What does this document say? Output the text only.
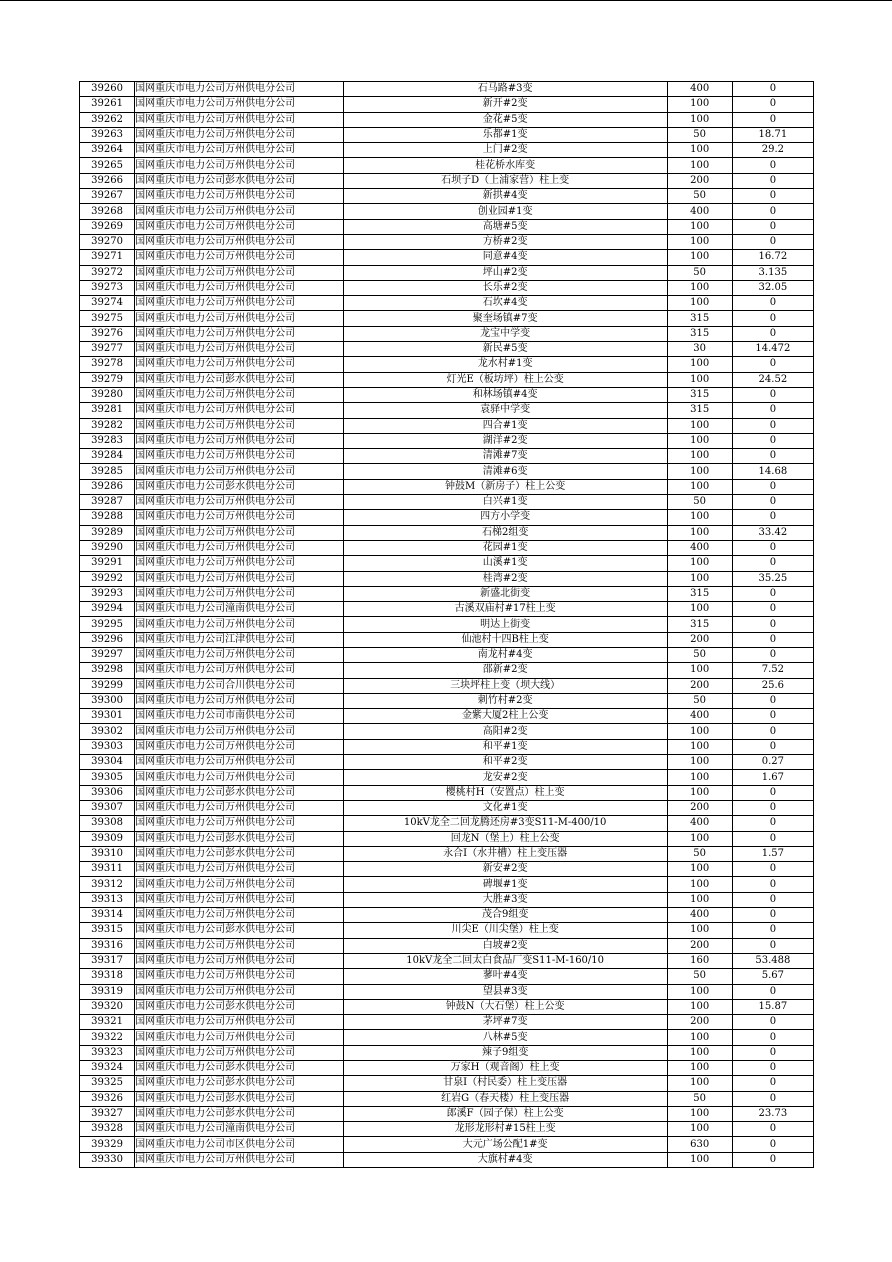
39260	国网重庆市电力公司万州供电分公司	石马路#3变	400	0
39261	国网重庆市电力公司万州供电分公司	新开#2变	100	0
39262	国网重庆市电力公司万州供电分公司	金花#5变	100	0
39263	国网重庆市电力公司万州供电分公司	乐都#1变	50	18.71
39264	国网重庆市电力公司万州供电分公司	上门#2变	100	29.2
39265	国网重庆市电力公司万州供电分公司	桂花桥水库变	100	0
39266	国网重庆市电力公司彭水供电分公司	石坝子D（上浦家营）柱上变	200	0
39267	国网重庆市电力公司万州供电分公司	新拱#4变	50	0
39268	国网重庆市电力公司万州供电分公司	创业园#1变	400	0
39269	国网重庆市电力公司万州供电分公司	高塘#5变	100	0
39270	国网重庆市电力公司万州供电分公司	方桥#2变	100	0
39271	国网重庆市电力公司万州供电分公司	同意#4变	100	16.72
39272	国网重庆市电力公司万州供电分公司	坪山#2变	50	3.135
39273	国网重庆市电力公司万州供电分公司	长乐#2变	100	32.05
39274	国网重庆市电力公司万州供电分公司	石坎#4变	100	0
39275	国网重庆市电力公司万州供电分公司	聚奎场镇#7变	315	0
39276	国网重庆市电力公司万州供电分公司	龙宝中学变	315	0
39277	国网重庆市电力公司万州供电分公司	新民#5变	30	14.472
39278	国网重庆市电力公司万州供电分公司	龙水村#1变	100	0
39279	国网重庆市电力公司彭水供电分公司	灯光E（板坊坪）柱上公变	100	24.52
39280	国网重庆市电力公司万州供电分公司	和林场镇#4变	315	0
39281	国网重庆市电力公司万州供电分公司	袁驿中学变	315	0
39282	国网重庆市电力公司万州供电分公司	四合#1变	100	0
39283	国网重庆市电力公司万州供电分公司	湖洋#2变	100	0
39284	国网重庆市电力公司万州供电分公司	清滩#7变	100	0
39285	国网重庆市电力公司万州供电分公司	清滩#6变	100	14.68
39286	国网重庆市电力公司彭水供电分公司	钟鼓M（新房子）柱上公变	100	0
39287	国网重庆市电力公司万州供电分公司	白兴#1变	50	0
39288	国网重庆市电力公司万州供电分公司	四方小学变	100	0
39289	国网重庆市电力公司万州供电分公司	石梯2组变	100	33.42
39290	国网重庆市电力公司万州供电分公司	花园#1变	400	0
39291	国网重庆市电力公司万州供电分公司	山溪#1变	100	0
39292	国网重庆市电力公司万州供电分公司	桂湾#2变	100	35.25
39293	国网重庆市电力公司万州供电分公司	新盛北街变	315	0
39294	国网重庆市电力公司潼南供电分公司	古溪双庙村#17柱上变	100	0
39295	国网重庆市电力公司万州供电分公司	明达上街变	315	0
39296	国网重庆市电力公司江津供电分公司	仙池村十四B柱上变	200	0
39297	国网重庆市电力公司万州供电分公司	南龙村#4变	50	0
39298	国网重庆市电力公司万州供电分公司	邵新#2变	100	7.52
39299	国网重庆市电力公司合川供电分公司	三块坪柱上变（坝大线）	200	25.6
39300	国网重庆市电力公司万州供电分公司	刺竹村#2变	50	0
39301	国网重庆市电力公司市南供电分公司	金紫大厦2柱上公变	400	0
39302	国网重庆市电力公司万州供电分公司	高阳#2变	100	0
39303	国网重庆市电力公司万州供电分公司	和平#1变	100	0
39304	国网重庆市电力公司万州供电分公司	和平#2变	100	0.27
39305	国网重庆市电力公司万州供电分公司	龙安#2变	100	1.67
39306	国网重庆市电力公司彭水供电分公司	樱桃村H（安置点）柱上变	100	0
39307	国网重庆市电力公司万州供电分公司	文化#1变	200	0
39308	国网重庆市电力公司万州供电分公司	10kV龙全二回龙腾还房#3变S11-M-400/10	400	0
39309	国网重庆市电力公司彭水供电分公司	回龙N（堡上）柱上公变	100	0
39310	国网重庆市电力公司彭水供电分公司	永合I（水井槽）柱上变压器	50	1.57
39311	国网重庆市电力公司万州供电分公司	新安#2变	100	0
39312	国网重庆市电力公司万州供电分公司	碑堰#1变	100	0
39313	国网重庆市电力公司万州供电分公司	大胜#3变	100	0
39314	国网重庆市电力公司万州供电分公司	茂合9组变	400	0
39315	国网重庆市电力公司彭水供电分公司	川尖E（川尖堡）柱上变	100	0
39316	国网重庆市电力公司万州供电分公司	白坡#2变	200	0
39317	国网重庆市电力公司万州供电分公司	10kV龙全二回太白食品厂变S11-M-160/10	160	53.488
39318	国网重庆市电力公司万州供电分公司	蓼叶#4变	50	5.67
39319	国网重庆市电力公司万州供电分公司	望县#3变	100	0
39320	国网重庆市电力公司彭水供电分公司	钟鼓N（大石堡）柱上公变	100	15.87
39321	国网重庆市电力公司万州供电分公司	茅坪#7变	200	0
39322	国网重庆市电力公司万州供电分公司	八林#5变	100	0
39323	国网重庆市电力公司万州供电分公司	辣子9组变	100	0
39324	国网重庆市电力公司彭水供电分公司	万家H（观音阁）柱上变	100	0
39325	国网重庆市电力公司彭水供电分公司	甘泉I（村民委）柱上变压器	100	0
39326	国网重庆市电力公司彭水供电分公司	红岩G（春天楼）柱上变压器	50	0
39327	国网重庆市电力公司彭水供电分公司	郎溪F（园子保）柱上公变	100	23.73
39328	国网重庆市电力公司潼南供电分公司	龙形龙形村#15柱上变	100	0
39329	国网重庆市电力公司市区供电分公司	大元广场公配1#变	630	0
39330	国网重庆市电力公司万州供电分公司	大旗村#4变	100	0
